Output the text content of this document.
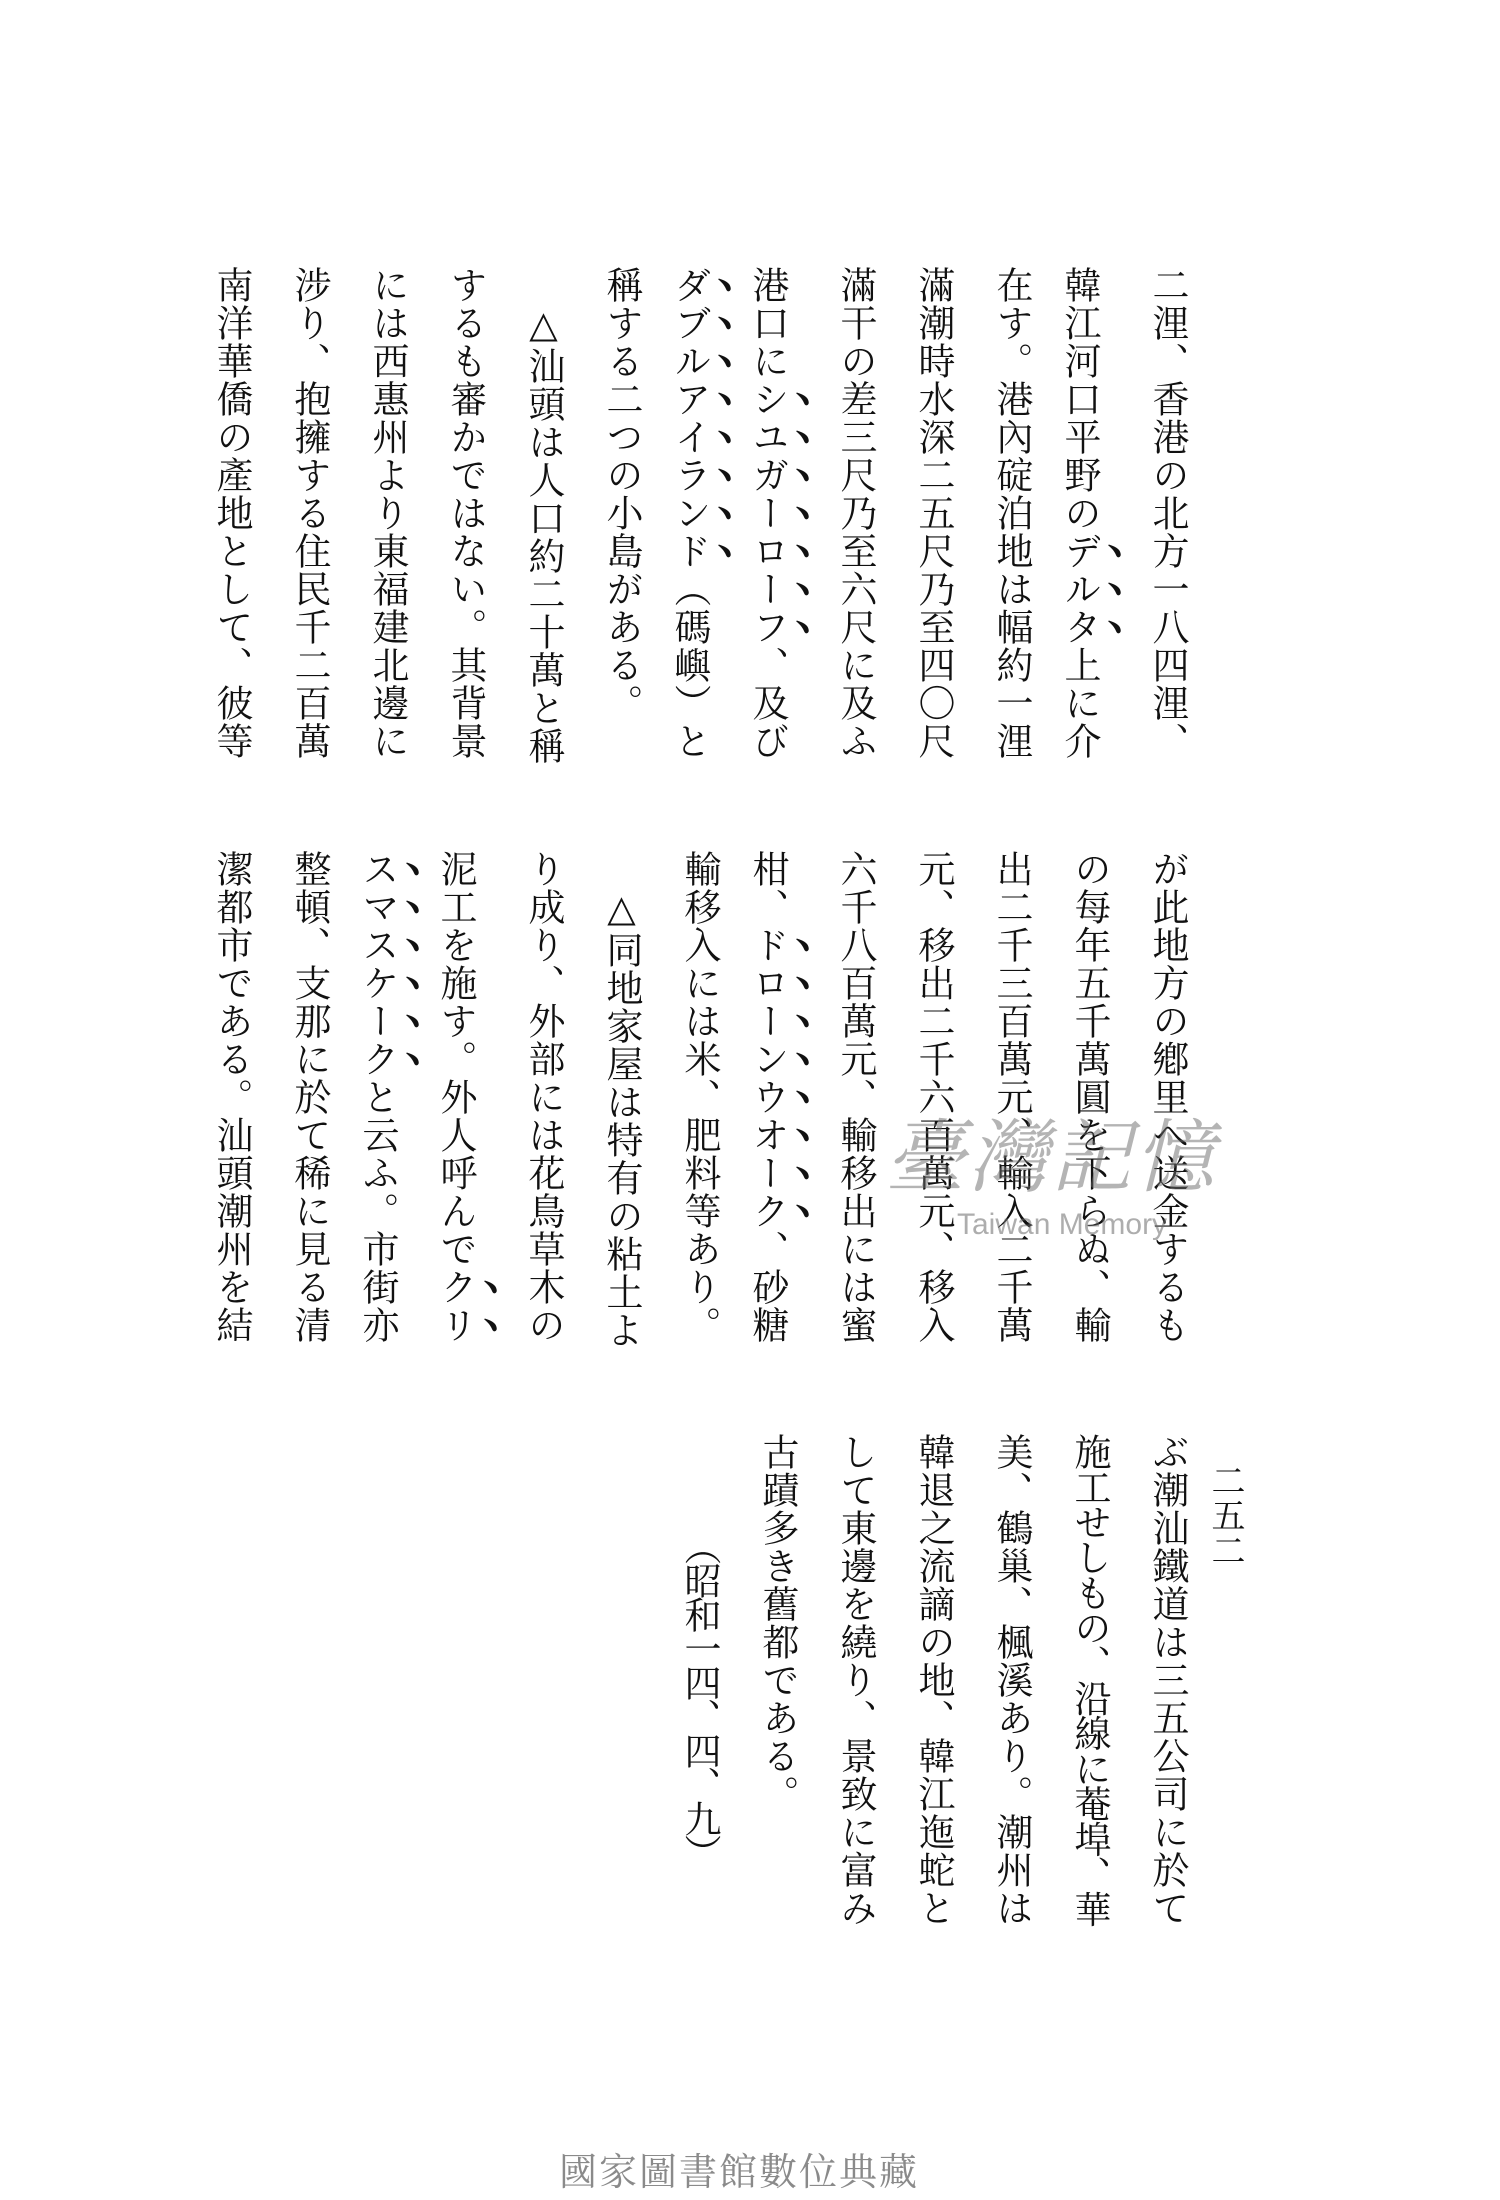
二五二
二浬、香港の北方一八四浬、
韓江河口平野のデルタ上に介
在す。港內碇泊地は幅約一浬
滿潮時水深二五尺乃至四〇尺
滿干の差三尺乃至六尺に及ふ
港口にシユガーローフ、及び
ダブルアイランド（碼嶼）と
稱する二つの小島がある。
△汕頭は人口約二十萬と稱
するも審かではない。其背景
には西惠州より東福建北邊に
涉り、抱擁する住民千二百萬
南洋華僑の產地として、彼等
が此地方の鄕里へ送金するも
の每年五千萬圓を下らぬ、輸
出二千三百萬元、輸入二千萬
元、移出二千六百萬元、移入
六千八百萬元、輸移出には蜜
柑、ドローンウオーク、砂糖
輸移入には米、肥料等あり。
△同地家屋は特有の粘土よ
り成り、外部には花鳥草木の
泥工を施す。外人呼んでクリ
スマスケークと云ふ。市街亦
整頓、支那に於て稀に見る清
潔都市である。汕頭潮州を結
ぶ潮汕鐵道は三五公司に於て
施工せしもの、沿線に菴埠、華
美、鶴巢、楓溪あり。潮州は
韓退之流謫の地、韓江迤蛇と
して東邊を繞り、景致に富み
古蹟多き舊都である。
（昭和一四、四、九）
臺灣記憶
Taiwan Memory
國家圖書館數位典藏
